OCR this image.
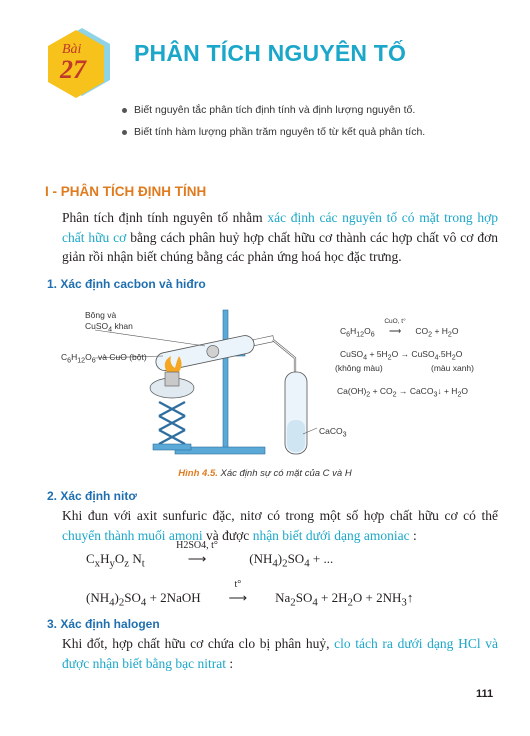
Bài
27
PHÂN TÍCH NGUYÊN TỐ
Biết nguyên tắc phân tích định tính và định lượng nguyên tố.
Biết tính hàm lượng phần trăm nguyên tố từ kết quả phân tích.
I - PHÂN TÍCH ĐỊNH TÍNH
Phân tích định tính nguyên tố nhằm xác định các nguyên tố có mặt trong hợp chất hữu cơ bằng cách phân huỷ hợp chất hữu cơ thành các hợp chất vô cơ đơn giản rồi nhận biết chúng bằng các phản ứng hoá học đặc trưng.
1. Xác định cacbon và hiđro
Bông và
CuSO$_4$ khan
$C_6H_{12}O_6$ và CuO (bột)
$C_6H_{12}O_6$
CuO, t°
⟶ $CO_2 + H_2O$
CuSO$_4$ + $5H_2O$ → $CuSO_4.5H_2O$
(không màu)	(màu xanh)
$Ca(OH)_2 + CO_2$ → CaCO$_3$↓ + $H_2O$
CaCO$_3$
Hình 4.5. Xác định sự có mặt của C và H
2. Xác định nitơ
Khi đun với axit sunfuric đặc, nitơ có trong một số hợp chất hữu cơ có thể chuyển thành muối amoni và được nhận biết dưới dạng amoniac :
$C_xH_yO_z$ $N_t$
H2SO4, t°
⟶	$(NH_4)_2SO_4$ + ...
$(NH_4)_2SO_4$ + 2NaOH
t°
⟶ $Na_2SO_4 + 2H_2O$ + $2NH_3↑$
3. Xác định halogen
Khi đốt, hợp chất hữu cơ chứa clo bị phân huỷ, clo tách ra dưới dạng HCl và được nhận biết bằng bạc nitrat :
111
